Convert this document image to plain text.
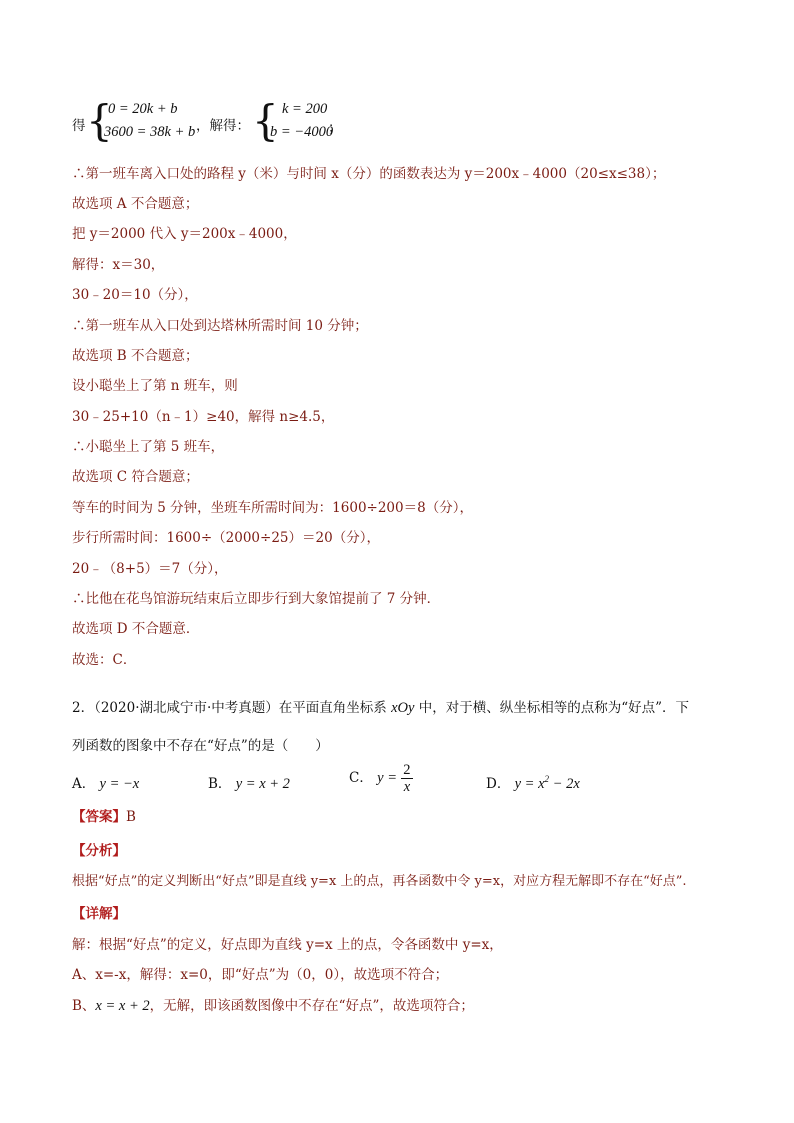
得 {
0 = 20k + b
3600 = 38k + b ，解得： { k = 200
b = −4000
；
∴第一班车离入口处的路程 y（米）与时间 x（分）的函数表达为 y＝200x﹣4000（20≤x≤38）；
故选项 A 不合题意；
把 y＝2000 代入 y＝200x﹣4000，
解得：x＝30，
30﹣20＝10（分），
∴第一班车从入口处到达塔林所需时间 10 分钟；
故选项 B 不合题意；
设小聪坐上了第 n 班车，则
30﹣25+10（n﹣1）≥40，解得 n≥4.5，
∴小聪坐上了第 5 班车，
故选项 C 符合题意；
等车的时间为 5 分钟，坐班车所需时间为：1600÷200＝8（分），
步行所需时间：1600÷（2000÷25）＝20（分），
20﹣（8+5）＝7（分），
∴比他在花鸟馆游玩结束后立即步行到大象馆提前了 7 分钟．
故选项 D 不合题意．
故选：C．
2．（2020·湖北咸宁市·中考真题）在平面直角坐标系 xOy 中，对于横、纵坐标相等的点称为“好点”．下
列函数的图象中不存在“好点”的是（　　）
A． y = −x	B． y = x + 2	C． $y = \frac{2}{x}$	D． $y = x^2 - 2x$
【答案】B
【分析】
根据“好点”的定义判断出“好点”即是直线 y=x 上的点，再各函数中令 y=x，对应方程无解即不存在“好点”.
【详解】
解：根据“好点”的定义，好点即为直线 y=x 上的点，令各函数中 y=x，
A、x=-x，解得：x=0，即“好点”为（0，0），故选项不符合；
B、x = x + 2，无解，即该函数图像中不存在“好点”，故选项符合；
